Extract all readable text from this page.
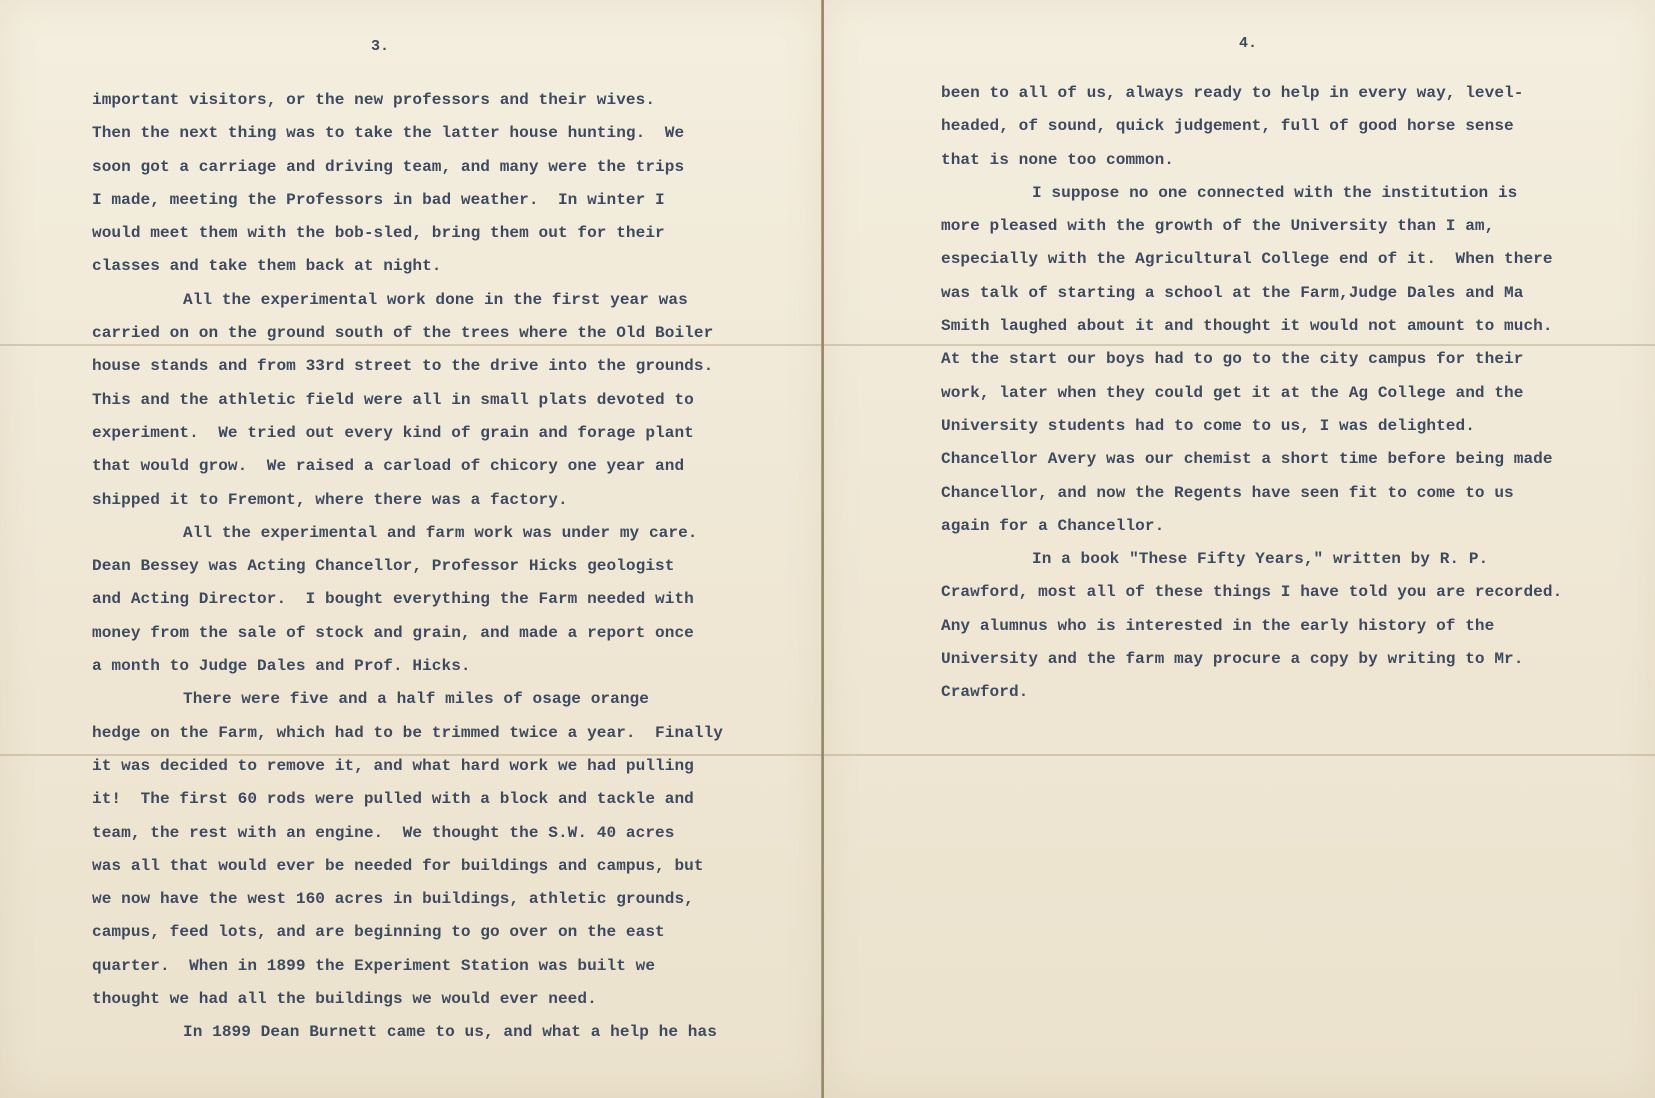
3.

important visitors, or the new professors and their wives.

Then the next thing was to take the latter house hunting.  We

soon got a carriage and driving team, and many were the trips

I made, meeting the Professors in bad weather.  In winter I

would meet them with the bob-sled, bring them out for their

classes and take them back at night.

All the experimental work done in the first year was

carried on on the ground south of the trees where the Old Boiler

house stands and from 33rd street to the drive into the grounds.

This and the athletic field were all in small plats devoted to

experiment.  We tried out every kind of grain and forage plant

that would grow.  We raised a carload of chicory one year and

shipped it to Fremont, where there was a factory.

All the experimental and farm work was under my care.

Dean Bessey was Acting Chancellor, Professor Hicks geologist

and Acting Director.  I bought everything the Farm needed with

money from the sale of stock and grain, and made a report once

a month to Judge Dales and Prof. Hicks.

There were five and a half miles of osage orange

hedge on the Farm, which had to be trimmed twice a year.  Finally

it was decided to remove it, and what hard work we had pulling

it!  The first 60 rods were pulled with a block and tackle and

team, the rest with an engine.  We thought the S.W. 40 acres

was all that would ever be needed for buildings and campus, but

we now have the west 160 acres in buildings, athletic grounds,

campus, feed lots, and are beginning to go over on the east

quarter.  When in 1899 the Experiment Station was built we

thought we had all the buildings we would ever need.

In 1899 Dean Burnett came to us, and what a help he has

4.

been to all of us, always ready to help in every way, level-

headed, of sound, quick judgement, full of good horse sense

that is none too common.

I suppose no one connected with the institution is

more pleased with the growth of the University than I am,

especially with the Agricultural College end of it.  When there

was talk of starting a school at the Farm,Judge Dales and Ma

Smith laughed about it and thought it would not amount to much.

At the start our boys had to go to the city campus for their

work, later when they could get it at the Ag College and the

University students had to come to us, I was delighted.

Chancellor Avery was our chemist a short time before being made

Chancellor, and now the Regents have seen fit to come to us

again for a Chancellor.

In a book "These Fifty Years," written by R. P.

Crawford, most all of these things I have told you are recorded.

Any alumnus who is interested in the early history of the

University and the farm may procure a copy by writing to Mr.

Crawford.
